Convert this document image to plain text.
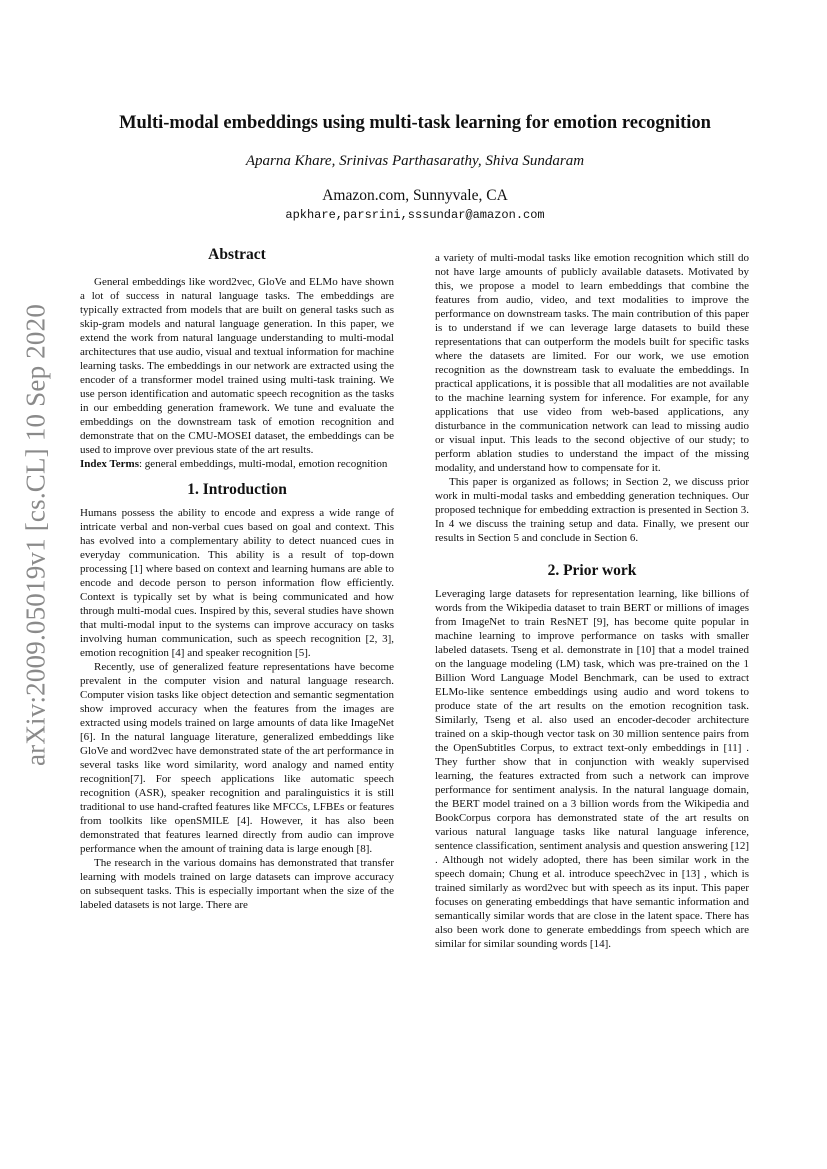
arXiv:2009.05019v1 [cs.CL] 10 Sep 2020
Multi-modal embeddings using multi-task learning for emotion recognition
Aparna Khare, Srinivas Parthasarathy, Shiva Sundaram
Amazon.com, Sunnyvale, CA
apkhare,parsrini,sssundar@amazon.com
Abstract

General embeddings like word2vec, GloVe and ELMo have shown a lot of success in natural language tasks. The embeddings are typically extracted from models that are built on general tasks such as skip-gram models and natural language generation. In this paper, we extend the work from natural language understanding to multi-modal architectures that use audio, visual and textual information for machine learning tasks. The embeddings in our network are extracted using the encoder of a transformer model trained using multi-task training. We use person identification and automatic speech recognition as the tasks in our embedding generation framework. We tune and evaluate the embeddings on the downstream task of emotion recognition and demonstrate that on the CMU-MOSEI dataset, the embeddings can be used to improve over previous state of the art results.

Index Terms: general embeddings, multi-modal, emotion recognition

1. Introduction

Humans possess the ability to encode and express a wide range of intricate verbal and non-verbal cues based on goal and context. This has evolved into a complementary ability to detect nuanced cues in everyday communication. This ability is a result of top-down processing [1] where based on context and learning humans are able to encode and decode person to person information flow efficiently. Context is typically set by what is being communicated and how through multi-modal cues. Inspired by this, several studies have shown that multi-modal input to the systems can improve accuracy on tasks involving human communication, such as speech recognition [2, 3], emotion recognition [4] and speaker recognition [5].

Recently, use of generalized feature representations have become prevalent in the computer vision and natural language research. Computer vision tasks like object detection and semantic segmentation show improved accuracy when the features from the images are extracted using models trained on large amounts of data like ImageNet [6]. In the natural language literature, generalized embeddings like GloVe and word2vec have demonstrated state of the art performance in several tasks like word similarity, word analogy and named entity recognition[7]. For speech applications like automatic speech recognition (ASR), speaker recognition and paralinguistics it is still traditional to use hand-crafted features like MFCCs, LFBEs or features from toolkits like openSMILE [4]. However, it has also been demonstrated that features learned directly from audio can improve performance when the amount of training data is large enough [8].

The research in the various domains has demonstrated that transfer learning with models trained on large datasets can improve accuracy on subsequent tasks. This is especially important when the size of the labeled datasets is not large. There are

a variety of multi-modal tasks like emotion recognition which still do not have large amounts of publicly available datasets. Motivated by this, we propose a model to learn embeddings that combine the features from audio, video, and text modalities to improve the performance on downstream tasks. The main contribution of this paper is to understand if we can leverage large datasets to build these representations that can outperform the models built for specific tasks where the datasets are limited. For our work, we use emotion recognition as the downstream task to evaluate the embeddings. In practical applications, it is possible that all modalities are not available to the machine learning system for inference. For example, for any applications that use video from web-based applications, any disturbance in the communication network can lead to missing audio or visual input. This leads to the second objective of our study; to perform ablation studies to understand the impact of the missing modality, and understand how to compensate for it.

This paper is organized as follows; in Section 2, we discuss prior work in multi-modal tasks and embedding generation techniques. Our proposed technique for embedding extraction is presented in Section 3. In 4 we discuss the training setup and data. Finally, we present our results in Section 5 and conclude in Section 6.

2. Prior work

Leveraging large datasets for representation learning, like billions of words from the Wikipedia dataset to train BERT or millions of images from ImageNet to train ResNET [9], has become quite popular in machine learning to improve performance on tasks with smaller labeled datasets. Tseng et al. demonstrate in [10] that a model trained on the language modeling (LM) task, which was pre-trained on the 1 Billion Word Language Model Benchmark, can be used to extract ELMo-like sentence embeddings using audio and word tokens to produce state of the art results on the emotion recognition task. Similarly, Tseng et al. also used an encoder-decoder architecture trained on a skip-though vector task on 30 million sentence pairs from the OpenSubtitles Corpus, to extract text-only embeddings in [11] . They further show that in conjunction with weakly supervised learning, the features extracted from such a network can improve performance for sentiment analysis. In the natural language domain, the BERT model trained on a 3 billion words from the Wikipedia and BookCorpus corpora has demonstrated state of the art results on various natural language tasks like natural language inference, sentence classification, sentiment analysis and question answering [12] . Although not widely adopted, there has been similar work in the speech domain; Chung et al. introduce speech2vec in [13] , which is trained similarly as word2vec but with speech as its input. This paper focuses on generating embeddings that have semantic information and semantically similar words that are close in the latent space. There has also been work done to generate embeddings from speech which are similar for similar sounding words [14].
